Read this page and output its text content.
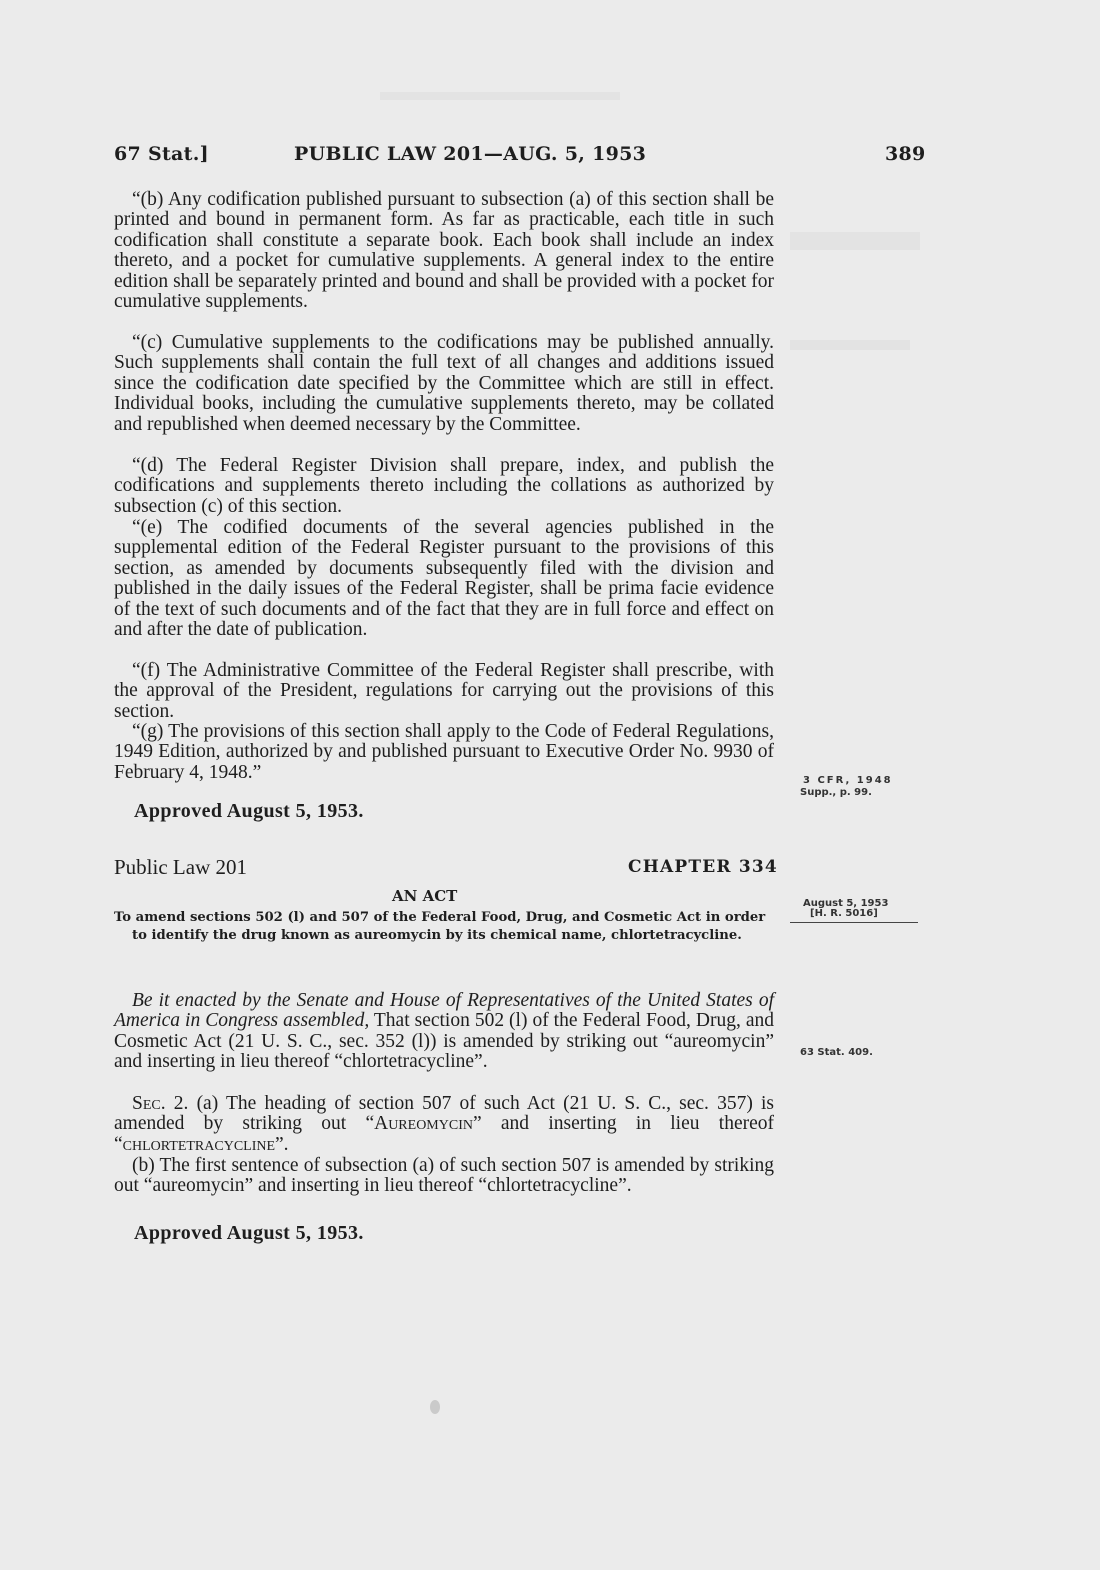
67 Stat.]	PUBLIC LAW 201—AUG. 5, 1953	389

“(b) Any codification published pursuant to subsection (a) of this section shall be printed and bound in permanent form. As far as practicable, each title in such codification shall constitute a separate book. Each book shall include an index thereto, and a pocket for cumulative supplements. A general index to the entire edition shall be separately printed and bound and shall be provided with a pocket for cumulative supplements.

“(c) Cumulative supplements to the codifications may be published annually. Such supplements shall contain the full text of all changes and additions issued since the codification date specified by the Committee which are still in effect. Individual books, including the cumulative supplements thereto, may be collated and republished when deemed necessary by the Committee.

“(d) The Federal Register Division shall prepare, index, and publish the codifications and supplements thereto including the collations as authorized by subsection (c) of this section.

“(e) The codified documents of the several agencies published in the supplemental edition of the Federal Register pursuant to the provisions of this section, as amended by documents subsequently filed with the division and published in the daily issues of the Federal Register, shall be prima facie evidence of the text of such documents and of the fact that they are in full force and effect on and after the date of publication.

“(f) The Administrative Committee of the Federal Register shall prescribe, with the approval of the President, regulations for carrying out the provisions of this section.

“(g) The provisions of this section shall apply to the Code of Federal Regulations, 1949 Edition, authorized by and published pursuant to Executive Order No. 9930 of February 4, 1948.”

Approved August 5, 1953.
3 CFR, 1948
Supp., p. 99.
Public Law 201	CHAPTER 334
AN ACT
To amend sections 502 (l) and 507 of the Federal Food, Drug, and Cosmetic Act in order to identify the drug known as aureomycin by its chemical name, chlortetracycline.
August 5, 1953
[H. R. 5016]

Be it enacted by the Senate and House of Representatives of the United States of America in Congress assembled, That section 502 (l) of the Federal Food, Drug, and Cosmetic Act (21 U. S. C., sec. 352 (l)) is amended by striking out “aureomycin” and inserting in lieu thereof “chlortetracycline”.	63 Stat. 409.

Sec. 2. (a) The heading of section 507 of such Act (21 U. S. C., sec. 357) is amended by striking out “Aureomycin” and inserting in lieu thereof “chlortetracycline”.

(b) The first sentence of subsection (a) of such section 507 is amended by striking out “aureomycin” and inserting in lieu thereof “chlortetracycline”.

Approved August 5, 1953.
